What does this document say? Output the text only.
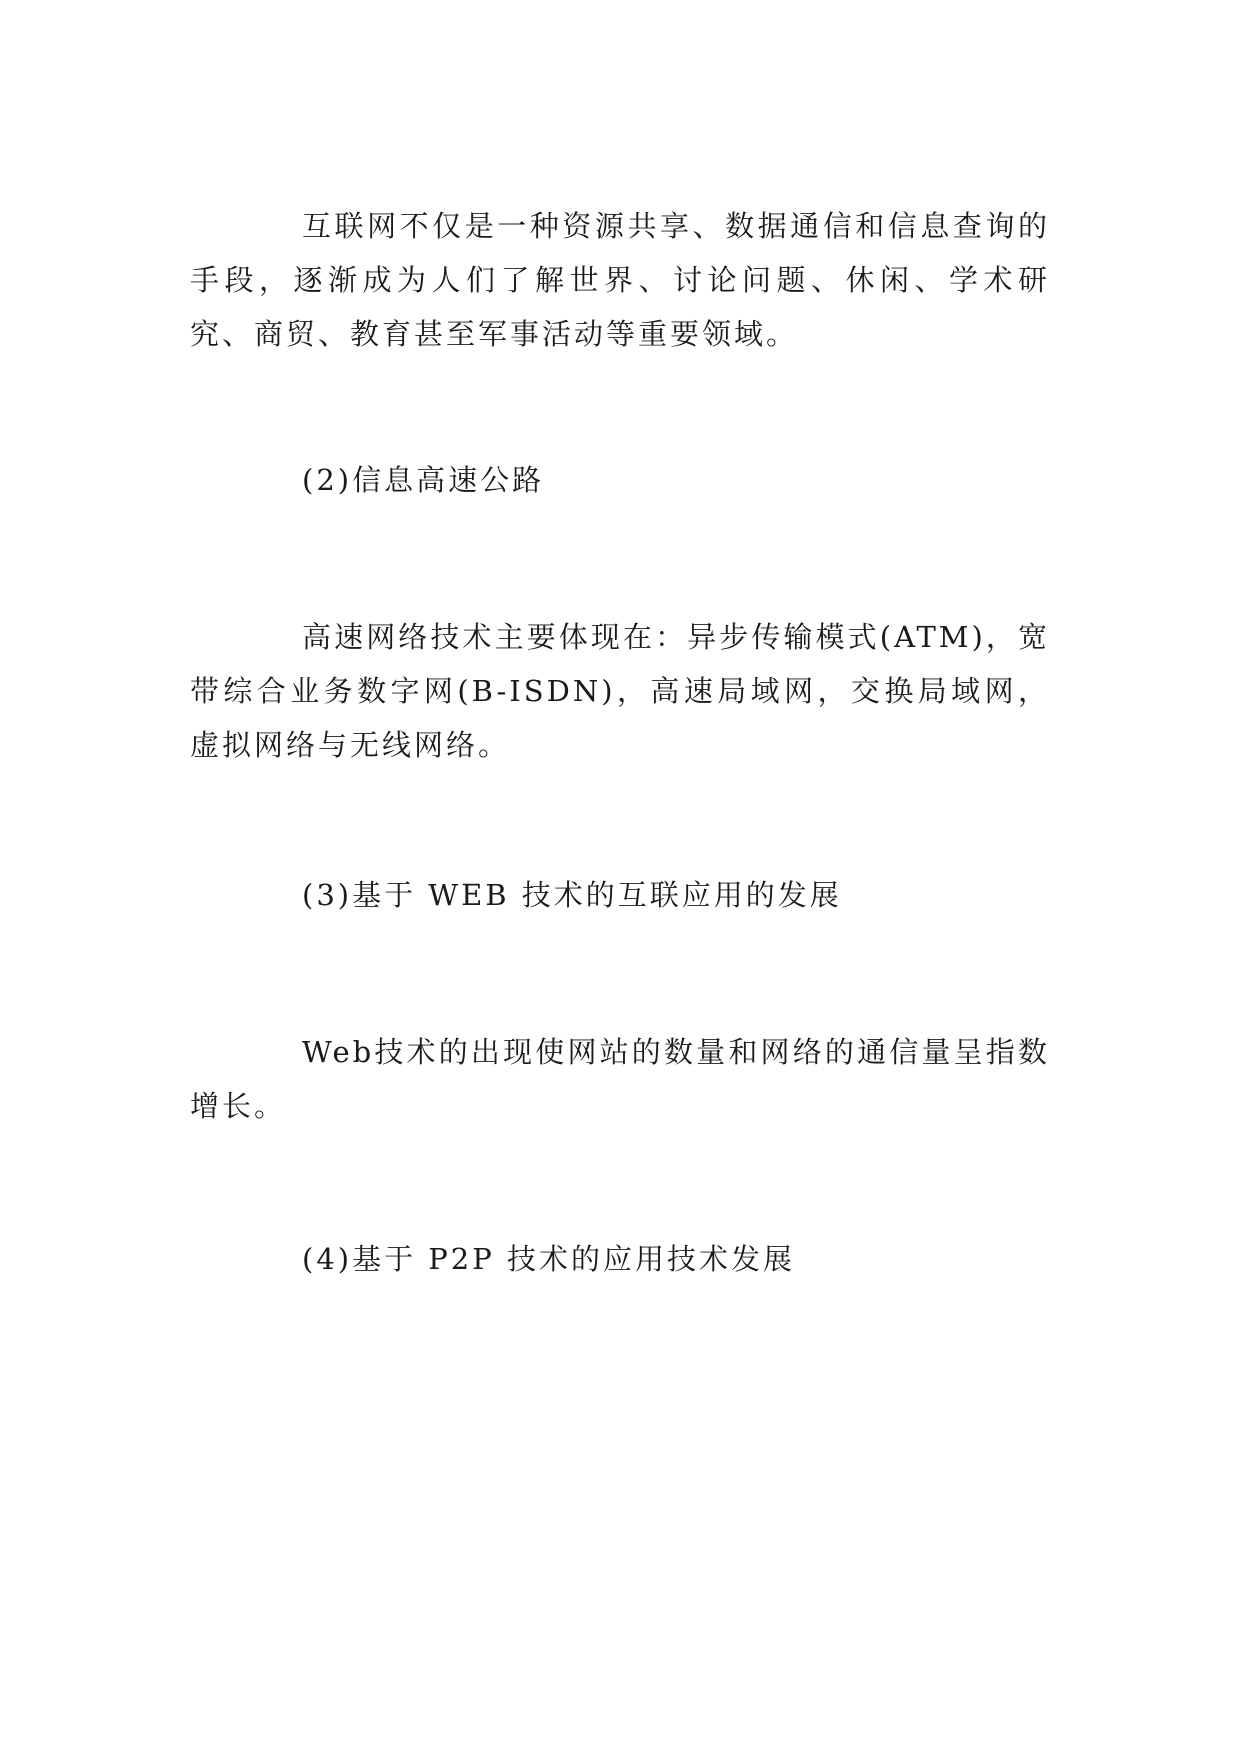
互联网不仅是一种资源共享、数据通信和信息查询的手段，逐渐成为人们了解世界、讨论问题、休闲、学术研究、商贸、教育甚至军事活动等重要领域。

(2)信息高速公路

高速网络技术主要体现在：异步传输模式(ATM)，宽带综合业务数字网(B-ISDN)，高速局域网，交换局域网，虚拟网络与无线网络。

(3)基于 WEB 技术的互联应用的发展

Web技术的出现使网站的数量和网络的通信量呈指数增长。

(4)基于 P2P 技术的应用技术发展
